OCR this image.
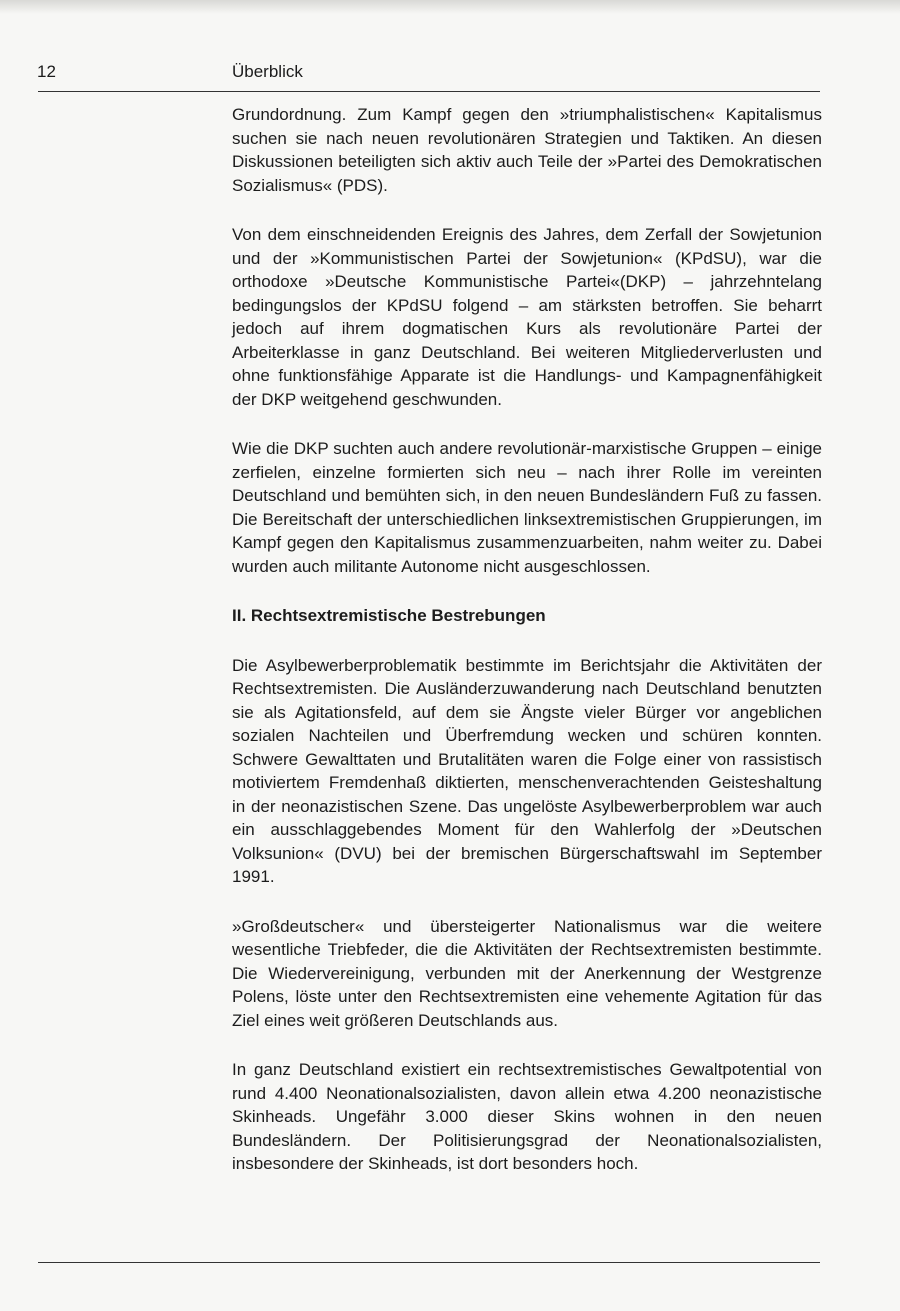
12	Überblick

Grundordnung. Zum Kampf gegen den »triumphalistischen« Kapitalismus suchen sie nach neuen revolutionären Strategien und Taktiken. An diesen Diskussionen beteiligten sich aktiv auch Teile der »Partei des Demokratischen Sozialismus« (PDS).

Von dem einschneidenden Ereignis des Jahres, dem Zerfall der Sowjetunion und der »Kommunistischen Partei der Sowjetunion« (KPdSU), war die orthodoxe »Deutsche Kommunistische Partei«(DKP) – jahrzehntelang bedingungslos der KPdSU folgend – am stärksten betroffen. Sie beharrt jedoch auf ihrem dogmatischen Kurs als revolutionäre Partei der Arbeiterklasse in ganz Deutschland. Bei weiteren Mitgliederverlusten und ohne funktionsfähige Apparate ist die Handlungs- und Kampagnenfähigkeit der DKP weitgehend geschwunden.

Wie die DKP suchten auch andere revolutionär-marxistische Gruppen – einige zerfielen, einzelne formierten sich neu – nach ihrer Rolle im vereinten Deutschland und bemühten sich, in den neuen Bundesländern Fuß zu fassen. Die Bereitschaft der unterschiedlichen linksextremistischen Gruppierungen, im Kampf gegen den Kapitalismus zusammenzuarbeiten, nahm weiter zu. Dabei wurden auch militante Autonome nicht ausgeschlossen.

II. Rechtsextremistische Bestrebungen

Die Asylbewerberproblematik bestimmte im Berichtsjahr die Aktivitäten der Rechtsextremisten. Die Ausländerzuwanderung nach Deutschland benutzten sie als Agitationsfeld, auf dem sie Ängste vieler Bürger vor angeblichen sozialen Nachteilen und Überfremdung wecken und schüren konnten. Schwere Gewalttaten und Brutalitäten waren die Folge einer von rassistisch motiviertem Fremdenhaß diktierten, menschenverachtenden Geisteshaltung in der neonazistischen Szene. Das ungelöste Asylbewerberproblem war auch ein ausschlaggebendes Moment für den Wahlerfolg der »Deutschen Volksunion« (DVU) bei der bremischen Bürgerschaftswahl im September 1991.

»Großdeutscher« und übersteigerter Nationalismus war die weitere wesentliche Triebfeder, die die Aktivitäten der Rechtsextremisten bestimmte. Die Wiedervereinigung, verbunden mit der Anerkennung der Westgrenze Polens, löste unter den Rechtsextremisten eine vehemente Agitation für das Ziel eines weit größeren Deutschlands aus.

In ganz Deutschland existiert ein rechtsextremistisches Gewaltpotential von rund 4.400 Neonationalsozialisten, davon allein etwa 4.200 neonazistische Skinheads. Ungefähr 3.000 dieser Skins wohnen in den neuen Bundesländern. Der Politisierungsgrad der Neonationalsozialisten, insbesondere der Skinheads, ist dort besonders hoch.
